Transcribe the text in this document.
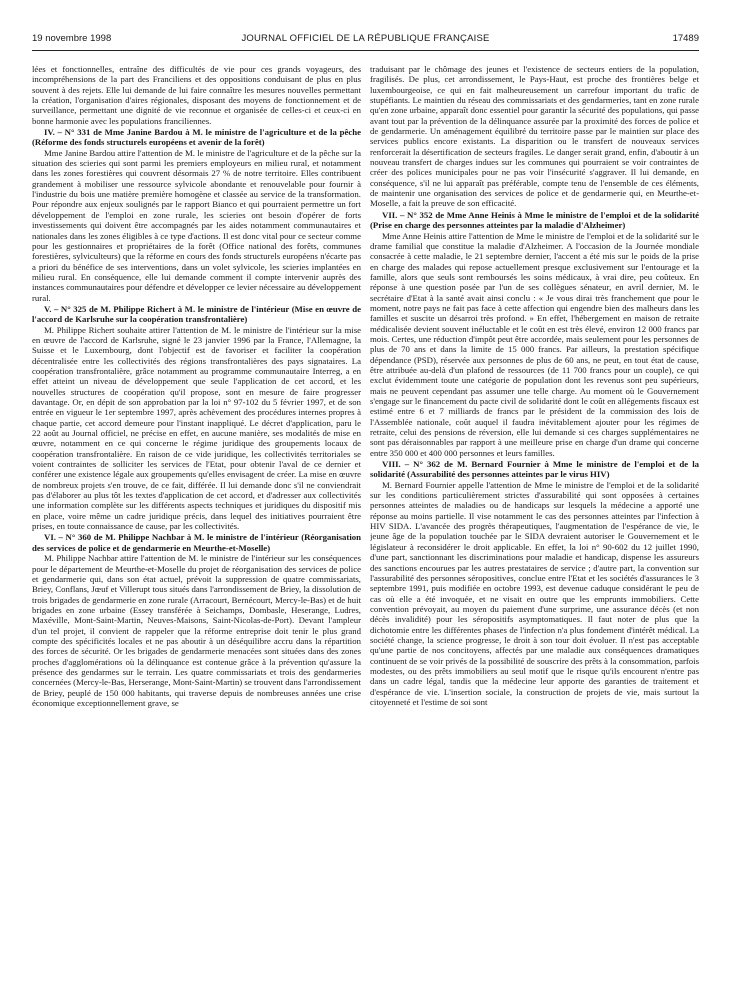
19 novembre 1998	JOURNAL OFFICIEL DE LA RÉPUBLIQUE FRANÇAISE	17489

lées et fonctionnelles, entraîne des difficultés de vie pour ces grands voyageurs, des incompréhensions de la part des Franciliens et des oppositions conduisant de plus en plus souvent à des rejets. Elle lui demande de lui faire connaître les mesures nouvelles permettant la création, l'organisation d'aires régionales, disposant des moyens de fonctionnement et de surveillance, permettant une dignité de vie reconnue et organisée de celles-ci et ceux-ci en bonne harmonie avec les populations franciliennes.

IV. – N° 331 de Mme Janine Bardou à M. le ministre de l'agriculture et de la pêche (Réforme des fonds structurels européens et avenir de la forêt)

Mme Janine Bardou attire l'attention de M. le ministre de l'agriculture et de la pêche sur la situation des scieries qui sont parmi les premiers employeurs en milieu rural, et notamment dans les zones forestières qui couvrent désormais 27 % de notre territoire. Elles contribuent grandement à mobiliser une ressource sylvicole abondante et renouvelable pour fournir à l'industrie du bois une matière première homogène et classée au service de la transformation. Pour répondre aux enjeux soulignés par le rapport Bianco et qui pourraient permettre un fort développement de l'emploi en zone rurale, les scieries ont besoin d'opérer de forts investissements qui doivent être accompagnés par les aides notamment communautaires et nationales dans les zones éligibles à ce type d'actions. Il est donc vital pour ce secteur comme pour les gestionnaires et propriétaires de la forêt (Office national des forêts, communes forestières, sylviculteurs) que la réforme en cours des fonds structurels européens n'écarte pas a priori du bénéfice de ses interventions, dans un volet sylvicole, les scieries implantées en milieu rural. En conséquence, elle lui demande comment il compte intervenir auprès des instances communautaires pour défendre et développer ce levier nécessaire au développement rural.

V. – N° 325 de M. Philippe Richert à M. le ministre de l'intérieur (Mise en œuvre de l'accord de Karlsruhe sur la coopération transfrontalière)

M. Philippe Richert souhaite attirer l'attention de M. le ministre de l'intérieur sur la mise en œuvre de l'accord de Karlsruhe, signé le 23 janvier 1996 par la France, l'Allemagne, la Suisse et le Luxembourg, dont l'objectif est de favoriser et faciliter la coopération décentralisée entre les collectivités des régions transfrontalières des pays signataires. La coopération transfrontalière, grâce notamment au programme communautaire Interreg, a en effet atteint un niveau de développement que seule l'application de cet accord, et les nouvelles structures de coopération qu'il propose, sont en mesure de faire progresser davantage. Or, en dépit de son approbation par la loi n° 97-102 du 5 février 1997, et de son entrée en vigueur le 1er septembre 1997, après achèvement des procédures internes propres à chaque partie, cet accord demeure pour l'instant inappliqué. Le décret d'application, paru le 22 août au Journal officiel, ne précise en effet, en aucune manière, ses modalités de mise en œuvre, notamment en ce qui concerne le régime juridique des groupements locaux de coopération transfrontalière. En raison de ce vide juridique, les collectivités territoriales se voient contraintes de solliciter les services de l'Etat, pour obtenir l'aval de ce dernier et conférer une existence légale aux groupements qu'elles envisagent de créer. La mise en œuvre de nombreux projets s'en trouve, de ce fait, différée. Il lui demande donc s'il ne conviendrait pas d'élaborer au plus tôt les textes d'application de cet accord, et d'adresser aux collectivités une information complète sur les différents aspects techniques et juridiques du dispositif mis en place, voire même un cadre juridique précis, dans lequel des initiatives pourraient être prises, en toute connaissance de cause, par les collectivités.

VI. – N° 360 de M. Philippe Nachbar à M. le ministre de l'intérieur (Réorganisation des services de police et de gendarmerie en Meurthe-et-Moselle)

M. Philippe Nachbar attire l'attention de M. le ministre de l'intérieur sur les conséquences pour le département de Meurthe-et-Moselle du projet de réorganisation des services de police et gendarmerie qui, dans son état actuel, prévoit la suppression de quatre commissariats, Briey, Conflans, Jœuf et Villerupt tous situés dans l'arrondissement de Briey, la dissolution de trois brigades de gendarmerie en zone rurale (Arracourt, Bernécourt, Mercy-le-Bas) et de huit brigades en zone urbaine (Essey transférée à Seichamps, Dombasle, Heserange, Ludres, Maxéville, Mont-Saint-Martin, Neuves-Maisons, Saint-Nicolas-de-Port). Devant l'ampleur d'un tel projet, il convient de rappeler que la réforme entreprise doit tenir le plus grand compte des spécificités locales et ne pas aboutir à un déséquilibre accru dans la répartition des forces de sécurité. Or les brigades de gendarmerie menacées sont situées dans des zones proches d'agglomérations où la délinquance est contenue grâce à la prévention qu'assure la présence des gendarmes sur le terrain. Les quatre commissariats et trois des gendarmeries concernées (Mercy-le-Bas, Herserange, Mont-Saint-Martin) se trouvent dans l'arrondissement de Briey, peuplé de 150 000 habitants, qui traverse depuis de nombreuses années une crise économique exceptionnellement grave, se

traduisant par le chômage des jeunes et l'existence de secteurs entiers de la population, fragilisés. De plus, cet arrondissement, le Pays-Haut, est proche des frontières belge et luxembourgeoise, ce qui en fait malheureusement un carrefour important du trafic de stupéfiants. Le maintien du réseau des commissariats et des gendarmeries, tant en zone rurale qu'en zone urbaine, apparaît donc essentiel pour garantir la sécurité des populations, qui passe avant tout par la prévention de la délinquance assurée par la proximité des forces de police et de gendarmerie. Un aménagement équilibré du territoire passe par le maintien sur place des services publics encore existants. La disparition ou le transfert de nouveaux services renforcerait la désertification de secteurs fragiles. Le danger serait grand, enfin, d'aboutir à un nouveau transfert de charges indues sur les communes qui pourraient se voir contraintes de créer des polices municipales pour ne pas voir l'insécurité s'aggraver. Il lui demande, en conséquence, s'il ne lui apparaît pas préférable, compte tenu de l'ensemble de ces éléments, de maintenir une organisation des services de police et de gendarmerie qui, en Meurthe-et-Moselle, a fait la preuve de son efficacité.

VII. – N° 352 de Mme Anne Heinis à Mme le ministre de l'emploi et de la solidarité (Prise en charge des personnes atteintes par la maladie d'Alzheimer)

Mme Anne Heinis attire l'attention de Mme le ministre de l'emploi et de la solidarité sur le drame familial que constitue la maladie d'Alzheimer. A l'occasion de la Journée mondiale consacrée à cette maladie, le 21 septembre dernier, l'accent a été mis sur le poids de la prise en charge des malades qui repose actuellement presque exclusivement sur l'entourage et la famille, alors que seuls sont remboursés les soins médicaux, à vrai dire, peu coûteux. En réponse à une question posée par l'un de ses collègues sénateur, en avril dernier, M. le secrétaire d'Etat à la santé avait ainsi conclu : « Je vous dirai très franchement que pour le moment, notre pays ne fait pas face à cette affection qui engendre bien des malheurs dans les familles et suscite un désarroi très profond. » En effet, l'hébergement en maison de retraite médicalisée devient souvent inéluctable et le coût en est très élevé, environ 12 000 francs par mois. Certes, une réduction d'impôt peut être accordée, mais seulement pour les personnes de plus de 70 ans et dans la limite de 15 000 francs. Par ailleurs, la prestation spécifique dépendance (PSD), réservée aux personnes de plus de 60 ans, ne peut, en tout état de cause, être attribuée au-delà d'un plafond de ressources (de 11 700 francs pour un couple), ce qui exclut évidemment toute une catégorie de population dont les revenus sont peu supérieurs, mais ne peuvent cependant pas assumer une telle charge. Au moment où le Gouvernement s'engage sur le financement du pacte civil de solidarité dont le coût en allégements fiscaux est estimé entre 6 et 7 milliards de francs par le président de la commission des lois de l'Assemblée nationale, coût auquel il faudra inévitablement ajouter pour les régimes de retraite, celui des pensions de réversion, elle lui demande si ces charges supplémentaires ne sont pas déraisonnables par rapport à une meilleure prise en charge d'un drame qui concerne entre 350 000 et 400 000 personnes et leurs familles.

VIII. – N° 362 de M. Bernard Fournier à Mme le ministre de l'emploi et de la solidarité (Assurabilité des personnes atteintes par le virus HIV)

M. Bernard Fournier appelle l'attention de Mme le ministre de l'emploi et de la solidarité sur les conditions particulièrement strictes d'assurabilité qui sont opposées à certaines personnes atteintes de maladies ou de handicaps sur lesquels la médecine a apporté une réponse au moins partielle. Il vise notamment le cas des personnes atteintes par l'infection à HIV SIDA. L'avancée des progrès thérapeutiques, l'augmentation de l'espérance de vie, le jeune âge de la population touchée par le SIDA devraient autoriser le Gouvernement et le législateur à reconsidérer le droit applicable. En effet, la loi n° 90-602 du 12 juillet 1990, d'une part, sanctionnant les discriminations pour maladie et handicap, dispense les assureurs des sanctions encourues par les autres prestataires de service ; d'autre part, la convention sur l'assurabilité des personnes séropositives, conclue entre l'Etat et les sociétés d'assurances le 3 septembre 1991, puis modifiée en octobre 1993, est devenue caduque considérant le peu de cas où elle a été invoquée, et ne visait en outre que les emprunts immobiliers. Cette convention prévoyait, au moyen du paiement d'une surprime, une assurance décès (et non décès invalidité) pour les séropositifs asymptomatiques. Il faut noter de plus que la dichotomie entre les différentes phases de l'infection n'a plus fondement d'intérêt médical. La société change, la science progresse, le droit à son tour doit évoluer. Il n'est pas acceptable qu'une partie de nos concitoyens, affectés par une maladie aux conséquences dramatiques continuent de se voir privés de la possibilité de souscrire des prêts à la consommation, parfois modestes, ou des prêts immobiliers au seul motif que le risque qu'ils encourent n'entre pas dans un cadre légal, tandis que la médecine leur apporte des garanties de traitement et d'espérance de vie. L'insertion sociale, la construction de projets de vie, mais surtout la citoyenneté et l'estime de soi sont
